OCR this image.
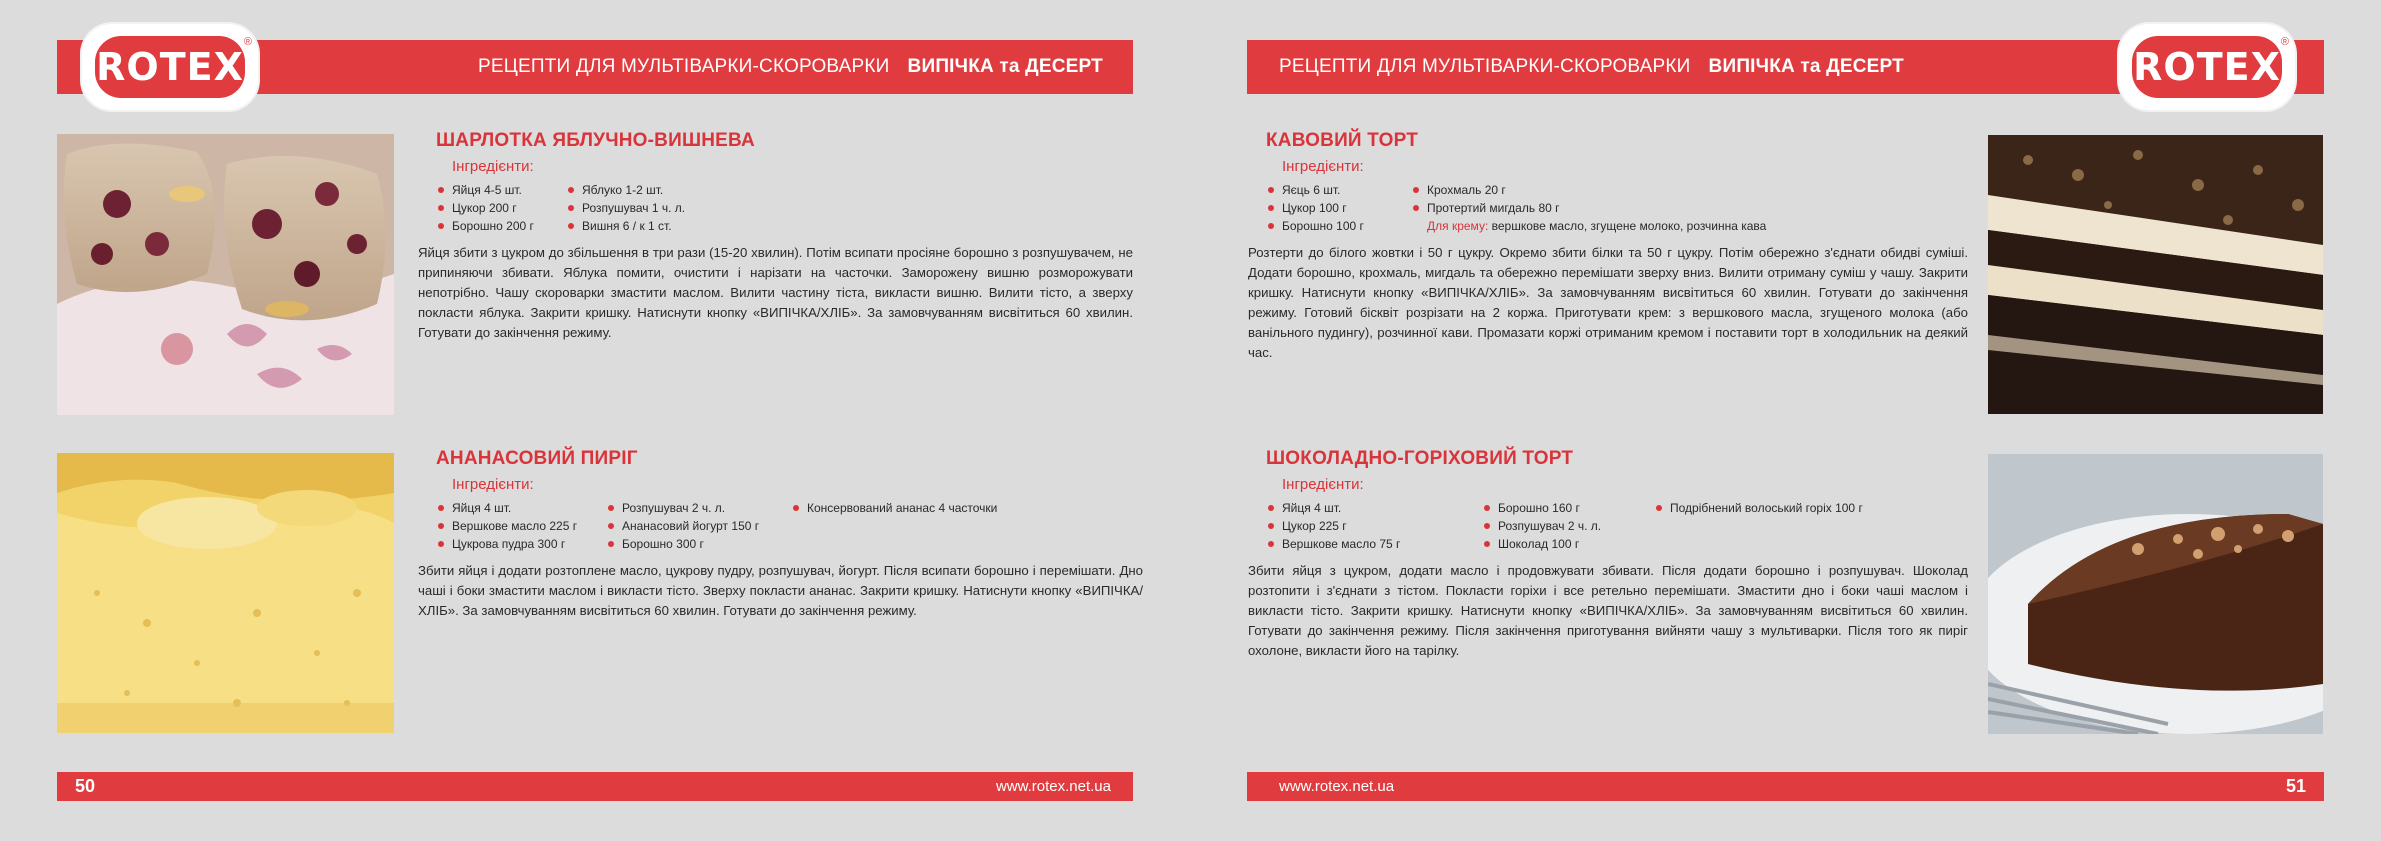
РЕЦЕПТИ ДЛЯ МУЛЬТІВАРКИ-СКОРОВАРКИ ВИПІЧКА та ДЕСЕРТ
ROTEX
®
ШАРЛОТКА ЯБЛУЧНО-ВИШНЕВА
Інгредієнти:
Яйця 4-5 шт.
Цукор 200 г
Борошно 200 г
Яблуко 1-2 шт.
Розпушувач 1 ч. л.
Вишня 6 / к 1 ст.

Яйця збити з цукром до збільшення в три рази (15-20 хвилин). Потім всипати просіяне борошно з розпушувачем, не припиняючи збивати. Яблука помити, очистити і нарізати на часточки. Заморожену вишню розморожувати непотрібно. Чашу скороварки змастити маслом. Вилити частину тіста, викласти вишню. Вилити тісто, а зверху покласти яблука. Закрити кришку. Натиснути кнопку «ВИПІЧКА/ХЛІБ». За замовчуванням висвітиться 60 хвилин. Готувати до закінчення режиму.

АНАНАСОВИЙ ПИРІГ
Інгредієнти:
Яйця 4 шт.
Вершкове масло 225 г
Цукрова пудра 300 г
Розпушувач 2 ч. л.
Ананасовий йогурт 150 г
Борошно 300 г
Консервований ананас 4 часточки

Збити яйця і додати розтоплене масло, цукрову пудру, розпушувач, йогурт. Після всипати борошно і перемішати. Дно чаші і боки змастити маслом і викласти тісто. Зверху покласти ананас. Закрити кришку. Натиснути кнопку «ВИПІЧКА/ХЛІБ». За замовчуванням висвітиться 60 хвилин. Готувати до закінчення режиму.

50	www.rotex.net.ua
РЕЦЕПТИ ДЛЯ МУЛЬТІВАРКИ-СКОРОВАРКИ ВИПІЧКА та ДЕСЕРТ	ROTEX
®
КАВОВИЙ ТОРТ
Інгредієнти:
Яєць 6 шт.
Цукор 100 г
Борошно 100 г
Крохмаль 20 г
Протертий мигдаль 80 г
Для крему: вершкове масло, згущене молоко, розчинна кава

Розтерти до білого жовтки і 50 г цукру. Окремо збити білки та 50 г цукру. Потім обережно з'єднати обидві суміші. Додати борошно, крохмаль, мигдаль та обережно перемішати зверху вниз. Вилити отриману суміш у чашу. Закрити кришку. Натиснути кнопку «ВИПІЧКА/ХЛІБ». За замовчуванням висвітиться 60 хвилин. Готувати до закінчення режиму. Готовий бісквіт розрізати на 2 коржа. Приготувати крем: з вершкового масла, згущеного молока (або ванільного пудингу), розчинної кави. Промазати коржі отриманим кремом і поставити торт в холодильник на деякий час.

ШОКОЛАДНО-ГОРІХОВИЙ ТОРТ
Інгредієнти:
Яйця 4 шт.
Цукор 225 г
Вершкове масло 75 г
Борошно 160 г
Розпушувач 2 ч. л.
Шоколад 100 г
Подрібнений волоський горіх 100 г

Збити яйця з цукром, додати масло і продовжувати збивати. Після додати борошно і розпушувач. Шоколад розтопити і з'єднати з тістом. Покласти горіхи і все ретельно перемішати. Змастити дно і боки чаші маслом і викласти тісто. Закрити кришку. Натиснути кнопку «ВИПІЧКА/ХЛІБ». За замовчуванням висвітиться 60 хвилин. Готувати до закінчення режиму. Після закінчення приготування вийняти чашу з мультиварки. Після того як пиріг охолоне, викласти його на тарілку.

www.rotex.net.ua	51
